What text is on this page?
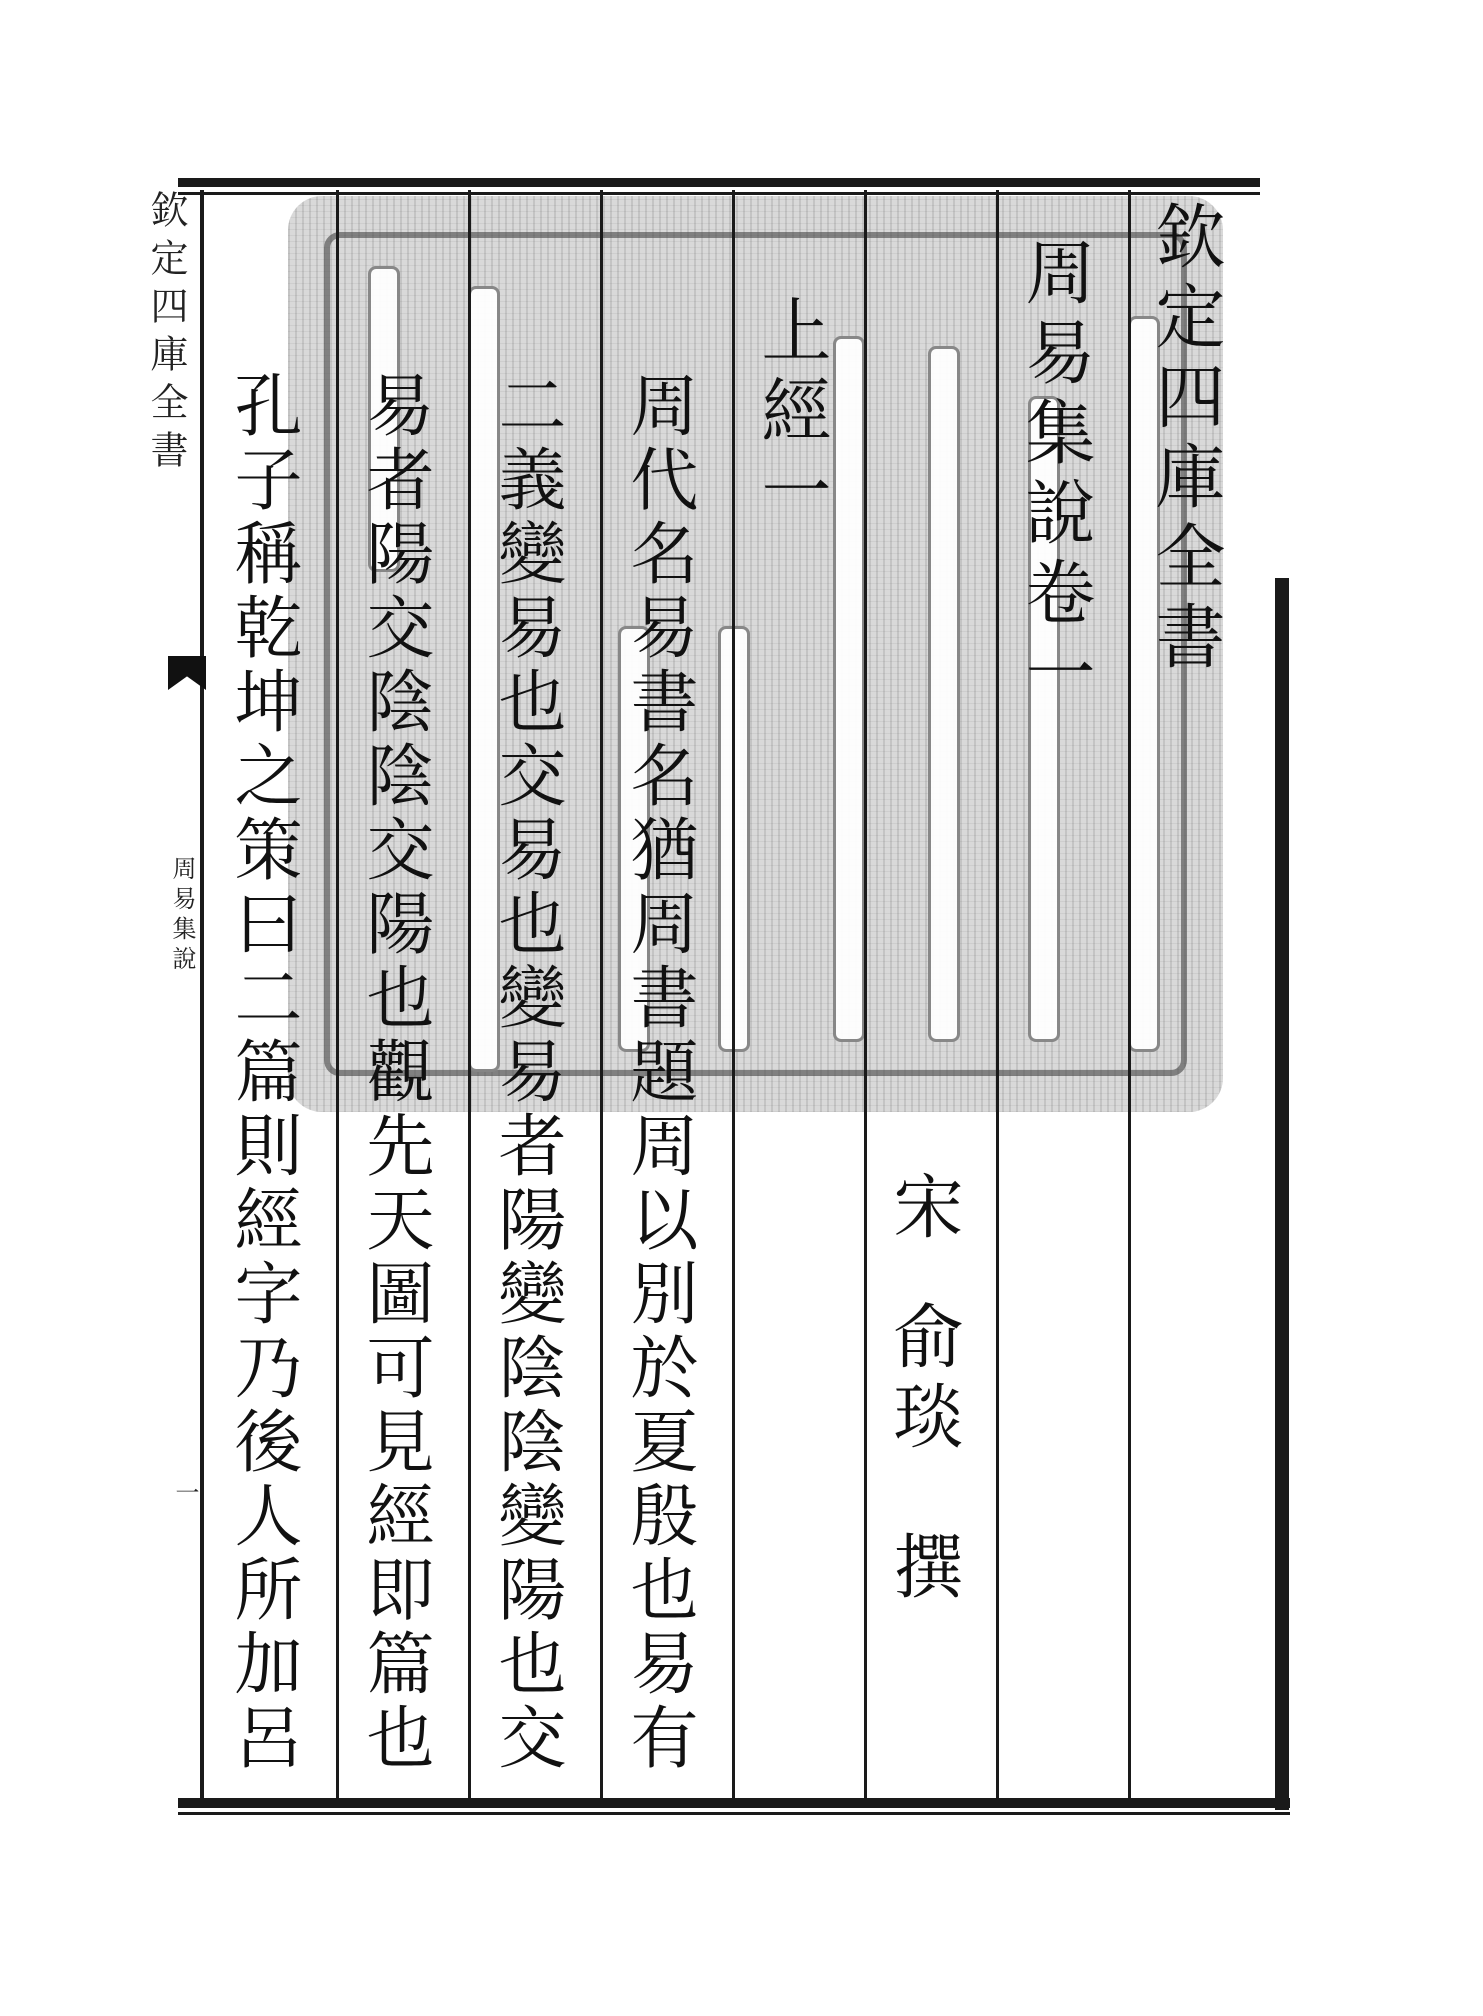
欽定四庫全書
周易集說
一
欽定四庫全書
周易集說卷一
宋
俞琰
撰
上經一
周代名易書名猶周書題周以別於夏殷也易有
二義變易也交易也變易者陽變陰陰變陽也交
易者陽交陰陰交陽也觀先天圖可見經即篇也
孔子稱乾坤之策曰二篇則經字乃後人所加呂
